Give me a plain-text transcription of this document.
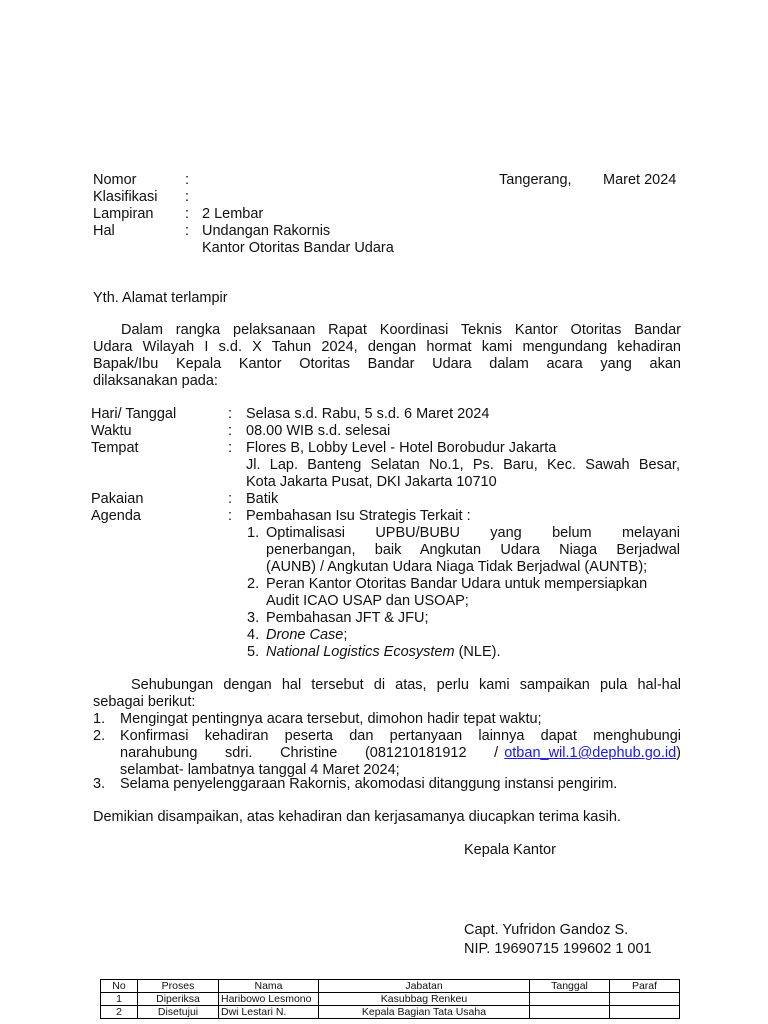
Nomor	:
Klasifikasi :
Lampiran : 2 Lembar
Hal	: Undangan Rakornis
Kantor Otoritas Bandar Udara
Tangerang, Maret 2024
Yth. Alamat terlampir
Dalam rangka pelaksanaan Rapat Koordinasi Teknis Kantor Otoritas Bandar
Udara Wilayah I s.d. X Tahun 2024, dengan hormat kami mengundang kehadiran
Bapak/Ibu Kepala Kantor Otoritas Bandar Udara dalam acara yang akan
dilaksanakan pada:
Hari/ Tanggal	: Selasa s.d. Rabu, 5 s.d. 6 Maret 2024
Waktu	: 08.00 WIB s.d. selesai
Tempat	: Flores B, Lobby Level - Hotel Borobudur Jakarta
Jl. Lap. Banteng Selatan No.1, Ps. Baru, Kec. Sawah Besar,
Kota Jakarta Pusat, DKI Jakarta 10710
Pakaian	: Batik
Agenda	: Pembahasan Isu Strategis Terkait :
1. Optimalisasi UPBU/BUBU yang belum melayani
penerbangan, baik Angkutan Udara Niaga Berjadwal
(AUNB) / Angkutan Udara Niaga Tidak Berjadwal (AUNTB);
2. Peran Kantor Otoritas Bandar Udara untuk mempersiapkan
Audit ICAO USAP dan USOAP;
3. Pembahasan JFT & JFU;
4. Drone Case;
5. National Logistics Ecosystem (NLE).
Sehubungan dengan hal tersebut di atas, perlu kami sampaikan pula hal-hal
sebagai berikut:
1. Mengingat pentingnya acara tersebut, dimohon hadir tepat waktu;
2. Konfirmasi kehadiran peserta dan pertanyaan lainnya dapat menghubungi
narahubung sdri. Christine (081210181912 / otban_wil.1@dephub.go.id )
selambat- lambatnya tanggal 4 Maret 2024;
3. Selama penyelenggaraan Rakornis, akomodasi ditanggung instansi pengirim.
Demikian disampaikan, atas kehadiran dan kerjasamanya diucapkan terima kasih.
Kepala Kantor
Capt. Yufridon Gandoz S.
NIP. 19690715 199602 1 001
No	Proses	Nama	Jabatan	Tanggal	Paraf
1	Diperiksa	Haribowo Lesmono	Kasubbag Renkeu		
2	Disetujui	Dwi Lestari N.	Kepala Bagian Tata Usaha		
